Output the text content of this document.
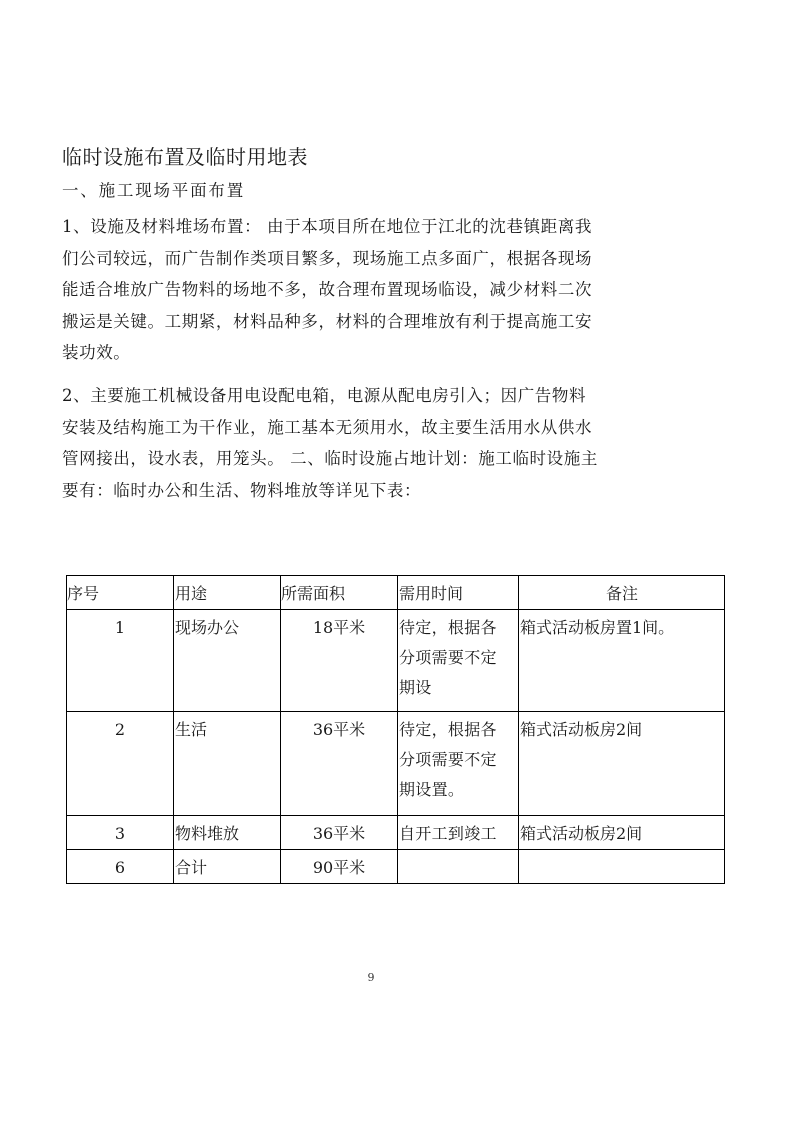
临时设施布置及临时用地表
一、施工现场平面布置
1、设施及材料堆场布置： 由于本项目所在地位于江北的沈巷镇距离我
们公司较远，而广告制作类项目繁多，现场施工点多面广，根据各现场
能适合堆放广告物料的场地不多，故合理布置现场临设，减少材料二次
搬运是关键。工期紧，材料品种多，材料的合理堆放有利于提高施工安
装功效。
2、主要施工机械设备用电设配电箱，电源从配电房引入；因广告物料
安装及结构施工为干作业，施工基本无须用水，故主要生活用水从供水
管网接出，设水表，用笼头。 二、临时设施占地计划：施工临时设施主
要有：临时办公和生活、物料堆放等详见下表：
序号	用途	所需面积	需用时间	备注

1	现场办公	18平米	待定，根据各
分项需要不定
期设	箱式活动板房置1间。

2	生活	36平米	待定，根据各
分项需要不定
期设置。	箱式活动板房2间

3	物料堆放	36平米	自开工到竣工	箱式活动板房2间

6	合计	90平米		

9
